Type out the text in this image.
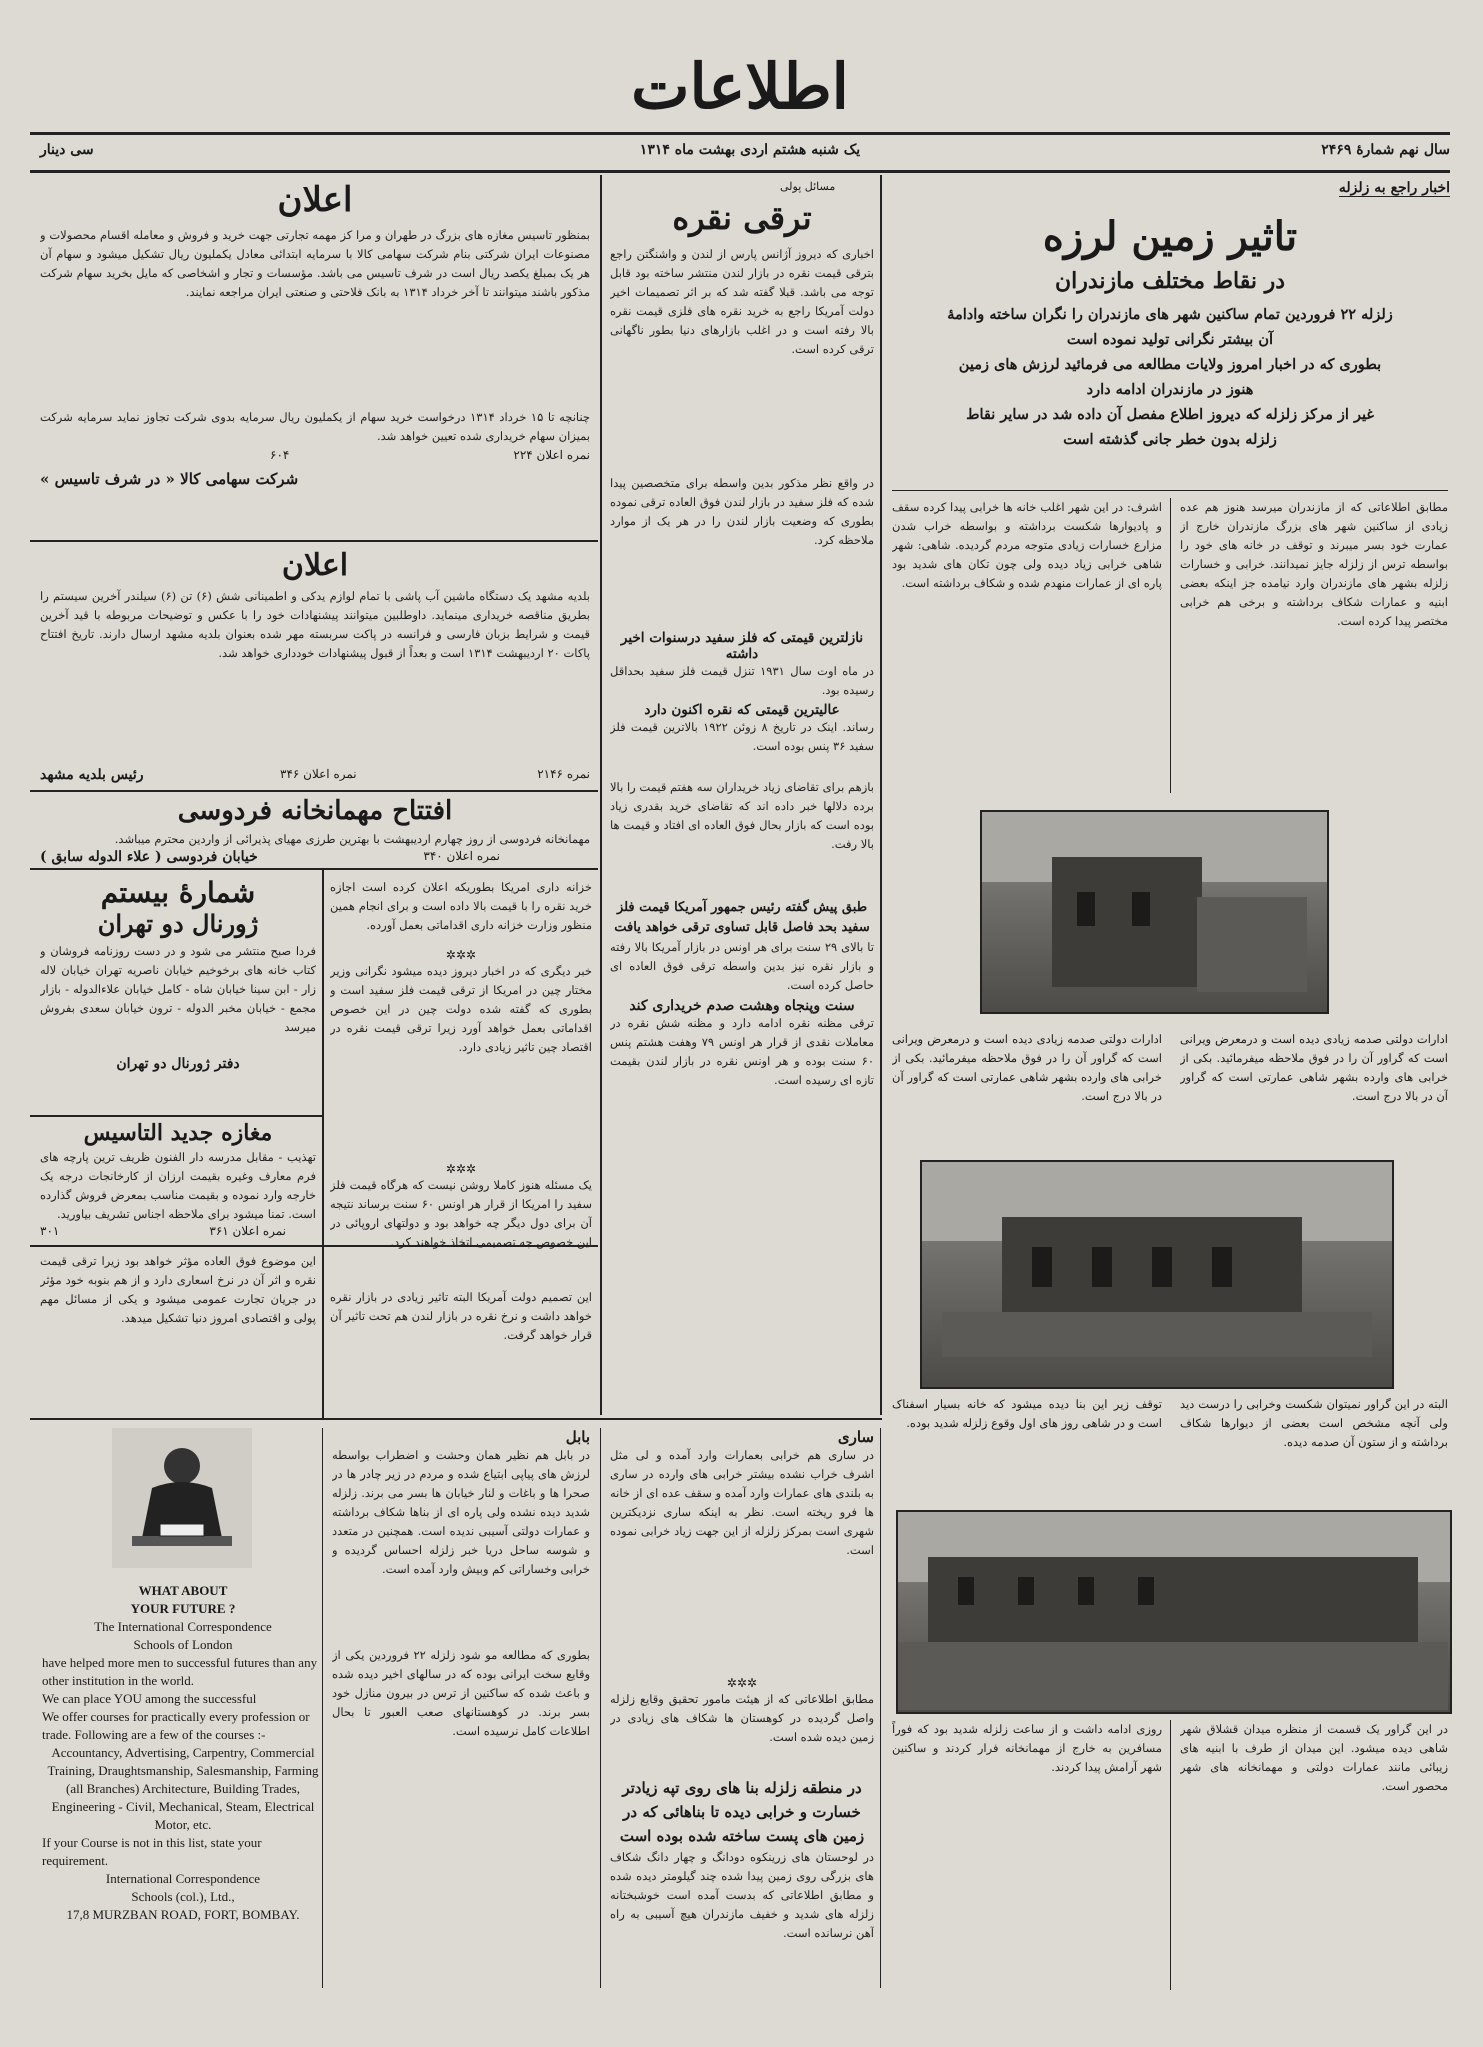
اطلاعات
سال نهم شمارهٔ ۲۴۶۹
یک شنبه هشتم اردی بهشت ماه ۱۳۱۴
سی دینار
اخبار راجع به زلزله
تاثیر زمین لرزه
در نقاط مختلف مازندران
زلزله ۲۲ فروردین تمام ساکنین شهر های مازندران را نگران ساخته وادامهٔ
آن بیشتر نگرانی تولید نموده است
بطوری که در اخبار امروز ولایات مطالعه می فرمائید لرزش های زمین
هنوز در مازندران ادامه دارد
غیر از مرکز زلزله که دیروز اطلاع مفصل آن داده شد در سایر نقاط
زلزله بدون خطر جانی گذشته است
مطابق اطلاعاتی که از مازندران میرسد هنوز هم عده زیادی از ساکنین شهر های بزرگ مازندران خارج از عمارت خود بسر میبرند و توقف در خانه های خود را بواسطه ترس از زلزله جایز نمیدانند. خرابی و خسارات زلزله بشهر های مازندران وارد نیامده جز اینکه بعضی ابنیه و عمارات شکاف برداشته و برخی هم خرابی مختصر پیدا کرده است.
اشرف: در این شهر اغلب خانه ها خرابی پیدا کرده سقف و پادیوارها شکست برداشته و بواسطه خراب شدن مزارع خسارات زیادی متوجه مردم گردیده. شاهی: شهر شاهی خرابی زیاد دیده ولی چون تکان های شدید بود پاره ای از عمارات منهدم شده و شکاف برداشته است.
ادارات دولتی صدمه زیادی دیده است و درمعرض ویرانی است که گراور آن را در فوق ملاحظه میفرمائید. بکی از خرابی های وارده بشهر شاهی عمارتی است که گراور آن در بالا درج است.
ادارات دولتی صدمه زیادی دیده است و درمعرض ویرانی است که گراور آن را در فوق ملاحظه میفرمائید. بکی از خرابی های وارده بشهر شاهی عمارتی است که گراور آن در بالا درج است.
البته در این گراور نمیتوان شکست وخرابی را درست دید ولی آنچه مشخص است بعضی از دیوارها شکاف برداشته و از ستون آن صدمه دیده.
توقف زیر این بنا دیده میشود که خانه بسیار اسفناک است و در شاهی روز های اول وقوع زلزله شدید بوده.
در این گراور یک قسمت از منظره میدان قشلاق شهر شاهی دیده میشود. این میدان از طرف با ابنیه های زیبائی مانند عمارات دولتی و مهمانخانه های شهر محصور است.
روزی ادامه داشت و از ساعت زلزله شدید بود که فوراً مسافرین به خارج از مهمانخانه فرار کردند و ساکنین شهر آرامش پیدا کردند.
مسائل پولی
ترقی نقره
اخباری که دیروز آژانس پارس از لندن و واشنگتن راجع بترقی قیمت نقره در بازار لندن منتشر ساخته بود قابل توجه می باشد. قبلا گفته شد که بر اثر تصمیمات اخیر دولت آمریکا راجع به خرید نقره های فلزی قیمت نقره بالا رفته است و در اغلب بازارهای دنیا بطور ناگهانی ترقی کرده است.
در واقع نظر مذکور بدین واسطه برای متخصصین پیدا شده که فلز سفید در بازار لندن فوق العاده ترقی نموده بطوری که وضعیت بازار لندن را در هر یک از موارد ملاحظه کرد.
نازلترین قیمتی که فلز سفید درسنوات اخیر داشته
در ماه اوت سال ۱۹۳۱ تنزل قیمت فلز سفید بحداقل رسیده بود.
عالیترین قیمتی که نقره اکنون دارد
رساند. اینک در تاریخ ۸ زوئن ۱۹۲۲ بالاترین قیمت فلز سفید ۳۶ پنس بوده است.
بازهم برای تقاضای زیاد خریداران سه هفتم قیمت را بالا برده دلالها خبر داده اند که تقاضای خرید بقدری زیاد بوده است که بازار بحال فوق العاده ای افتاد و قیمت ها بالا رفت.
طبق پیش گفته رئیس جمهور آمریکا قیمت فلز سفید بحد فاصل قابل تساوی ترقی خواهد یافت
تا بالای ۲۹ سنت برای هر اونس در بازار آمریکا بالا رفته و بازار نقره نیز بدین واسطه ترقی فوق العاده ای حاصل کرده است.
سنت وپنجاه وهشت صدم خریداری کند
ترقی مظنه نقره ادامه دارد و مظنه شش نقره در معاملات نقدی از قرار هر اونس ۷۹ وهفت هشتم پنس ۶۰ سنت بوده و هر اونس نقره در بازار لندن بقیمت تازه ای رسیده است.
اعلان
بمنظور تاسیس مغازه های بزرگ در طهران و مرا کز مهمه تجارتی جهت خرید و فروش و معامله اقسام محصولات و مصنوعات ایران شرکتی بنام شرکت سهامی کالا با سرمایه ابتدائی معادل یکملیون ریال تشکیل میشود و سهام آن هر یک بمبلغ یکصد ریال است در شرف تاسیس می باشد. مؤسسات و تجار و اشخاصی که مایل بخرید سهام شرکت مذکور باشند میتوانند تا آخر خرداد ۱۳۱۴ به بانک فلاحتی و صنعتی ایران مراجعه نمایند.
چنانچه تا ۱۵ خرداد ۱۳۱۴ درخواست خرید سهام از یکملیون ریال سرمایه بدوی شرکت تجاوز نماید سرمایه شرکت بمیزان سهام خریداری شده تعیین خواهد شد.
نمره اعلان ۲۲۴
۶۰۴
شرکت سهامی کالا « در شرف تاسیس »
اعلان
بلدیه مشهد یک دستگاه ماشین آب پاشی با تمام لوازم یدکی و اطمینانی شش (۶) تن (۶) سیلندر آخرین سیستم را بطریق مناقصه خریداری مینماید. داوطلبین میتوانند پیشنهادات خود را با عکس و توضیحات مربوطه با قید آخرین قیمت و شرایط بزبان فارسی و فرانسه در پاکت سربسته مهر شده بعنوان بلدیه مشهد ارسال دارند. تاریخ افتتاح پاکات ۲۰ اردیبهشت ۱۳۱۴ است و بعداً از قبول پیشنهادات خودداری خواهد شد.
نمره ۲۱۴۶
نمره اعلان ۳۴۶
رئیس بلدیه مشهد
افتتاح مهمانخانه فردوسی
مهمانخانه فردوسی از روز چهارم اردیبهشت با بهترین طرزی مهیای پذیرائی از واردین محترم میباشد.
نمره اعلان ۳۴۰
خیابان فردوسی ( علاء الدوله سابق )
شمارهٔ بیستم
ژورنال دو تهران
فردا صبح منتشر می شود و در دست روزنامه فروشان و کتاب خانه های برخوخیم خیابان ناصریه تهران خیابان لاله زار - ابن سینا خیابان شاه - کامل خیابان علاءالدوله - بازار مجمع - خیابان مخبر الدوله - ترون خیابان سعدی بفروش میرسد
دفتر ژورنال دو تهران
مغازه جدید التاسیس
تهذیب - مقابل مدرسه دار الفنون ظریف ترین پارچه های فرم معارف وغیره بقیمت ارزان از کارخانجات درجه یک خارجه وارد نموده و بقیمت مناسب بمعرض فروش گذارده است. تمنا میشود برای ملاحظه اجناس تشریف بیاورید.
نمره اعلان ۳۶۱
۳۰۱
این موضوع فوق العاده مؤثر خواهد بود زیرا ترقی قیمت نقره و اثر آن در نرخ اسعاری دارد و از هم بنوبه خود مؤثر در جریان تجارت عمومی میشود و یکی از مسائل مهم پولی و اقتصادی امروز دنیا تشکیل میدهد.
خزانه داری امریکا بطوریکه اعلان کرده است اجازه خرید نقره را با قیمت بالا داده است و برای انجام همین منظور وزارت خزانه داری اقداماتی بعمل آورده.
✲✲✲
خبر دیگری که در اخبار دیروز دیده میشود نگرانی وزیر مختار چین در امریکا از ترقی قیمت فلز سفید است و بطوری که گفته شده دولت چین در این خصوص اقداماتی بعمل خواهد آورد زیرا ترقی قیمت نقره در اقتصاد چین تاثیر زیادی دارد.
✲✲✲
یک مسئله هنوز کاملا روشن نیست که هرگاه قیمت فلز سفید را امریکا از قرار هر اونس ۶۰ سنت برساند نتیجه آن برای دول دیگر چه خواهد بود و دولتهای اروپائی در این خصوص چه تصمیمی اتخاذ خواهند کرد.
این تصمیم دولت آمریکا البته تاثیر زیادی در بازار نقره خواهد داشت و نرخ نقره در بازار لندن هم تحت تاثیر آن قرار خواهد گرفت.
WHAT ABOUT
YOUR FUTURE ?
The International Correspondence
Schools of London
have helped more men to successful futures than any other institution in the world.
We can place YOU among the successful
We offer courses for practically every profession or trade. Following are a few of the courses :-
Accountancy, Advertising, Carpentry, Commercial Training, Draughtsmanship, Salesmanship, Farming (all Branches) Architecture, Building Trades, Engineering - Civil, Mechanical, Steam, Electrical Motor, etc.
If your Course is not in this list, state your requirement.
International Correspondence
Schools (col.), Ltd.,
17,8 MURZBAN ROAD, FORT, BOMBAY.
بابل
در بابل هم نظیر همان وحشت و اضطراب بواسطه لرزش های پیاپی ابتیاع شده و مردم در زیر چادر ها در صحرا ها و باغات و لنار خیابان ها بسر می برند. زلزله شدید دیده نشده ولی پاره ای از بناها شکاف برداشته و عمارات دولتی آسیبی ندیده است. همچنین در متعدد و شوسه ساحل دریا خبر زلزله احساس گردیده و خرابی وخساراتی کم وبیش وارد آمده است.
بطوری که مطالعه مو شود زلزله ۲۲ فروردین یکی از وقایع سخت ایرانی بوده که در سالهای اخیر دیده شده و باعث شده که ساکنین از ترس در بیرون منازل خود بسر برند. در کوهستانهای صعب العبور تا بحال اطلاعات کامل نرسیده است.
ساری
در ساری هم خرابی بعمارات وارد آمده و لی مثل اشرف خراب نشده بیشتر خرابی های وارده در ساری به بلندی های عمارات وارد آمده و سقف عده ای از خانه ها فرو ریخته است. نظر به اینکه ساری نزدیکترین شهری است بمرکز زلزله از این جهت زیاد خرابی نموده است.
✲✲✲
مطابق اطلاعاتی که از هیئت مامور تحقیق وقایع زلزله واصل گردیده در کوهستان ها شکاف های زیادی در زمین دیده شده است.
در منطقه زلزله بنا های روی تپه زیادتر خسارت و خرابی دیده تا بناهائی که در زمین های پست ساخته شده بوده است
در لوحستان های زرینکوه دودانگ و چهار دانگ شکاف های بزرگی روی زمین پیدا شده چند گیلومتر دیده شده و مطابق اطلاعاتی که بدست آمده است خوشبختانه زلزله های شدید و خفیف مازندران هیچ آسیبی به راه آهن نرسانده است.
